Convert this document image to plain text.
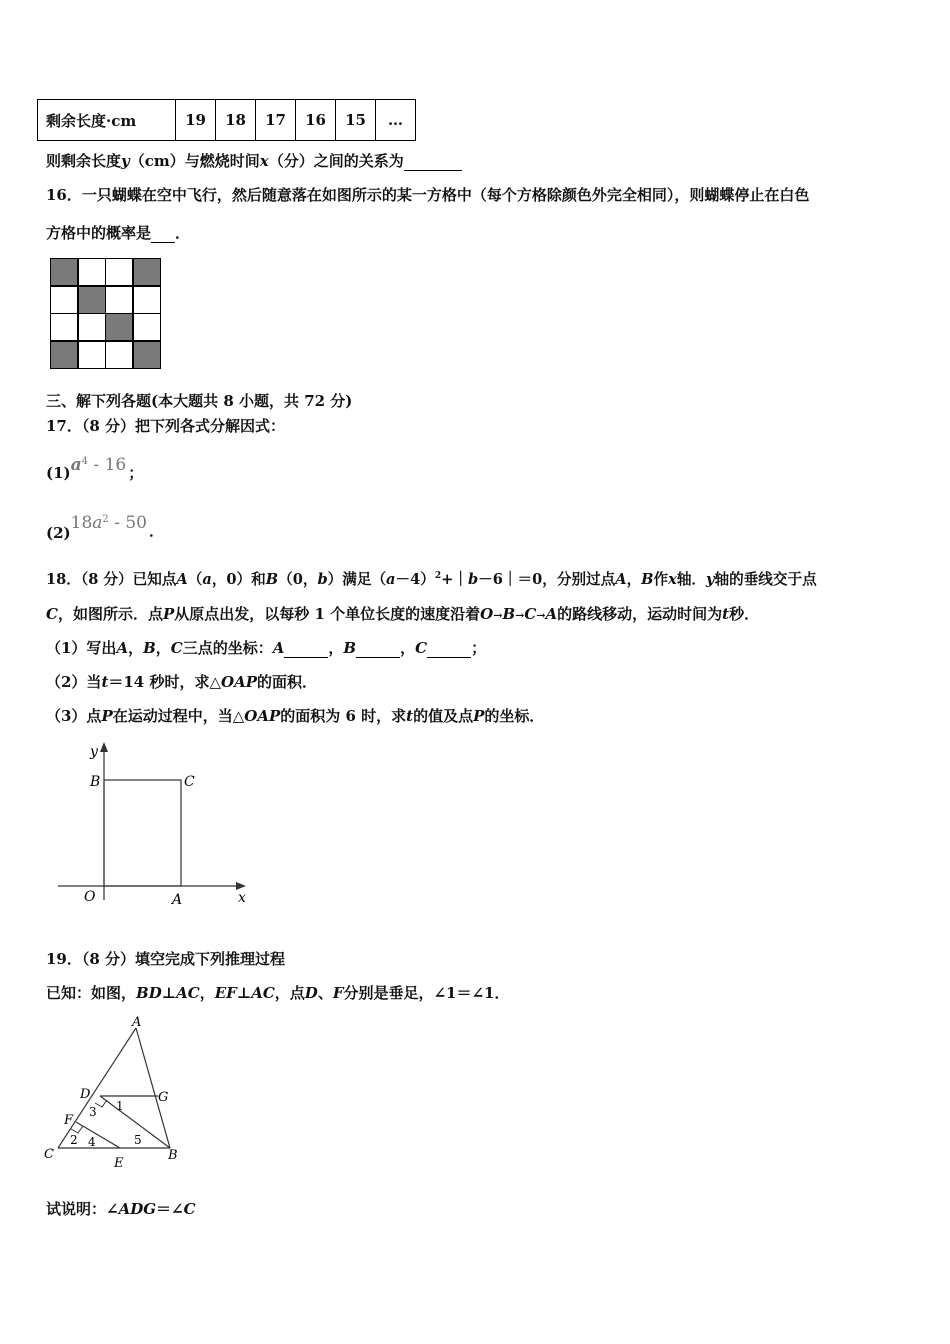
剩余长度·cm	19	18	17	16	15	…
则剩余长度y（cm）与燃烧时间x（分）之间的关系为
16．一只蝴蝶在空中飞行，然后随意落在如图所示的某一方格中（每个方格除颜色外完全相同），则蝴蝶停止在白色
方格中的概率是 ．
三、解下列各题(本大题共 8 小题，共 72 分)
17．（8 分）把下列各式分解因式：
$(1)a^4 - 16$ ；
$(2)18a^2 - 50$ ．
18．（8 分）已知点A（a，0）和B（0，b）满足$(a-4)^2+|b-6|=0$，分别过点A，B作x轴．y轴的垂线交于点
C，如图所示．点P从原点出发，以每秒 1 个单位长度的速度沿着O→B→C→A的路线移动，运动时间为t秒．
（1）写出A，B，C三点的坐标：A	，B	，C	；
（2）当t＝14 秒时，求△OAP的面积．
（3）点P在运动过程中，当△OAP的面积为 6 时，求t的值及点P的坐标．
y
B	C
O	A	x
19．（8 分）填空完成下列推理过程
已知：如图，BD⊥AC，EF⊥AC，点D、F分别是垂足，∠1＝∠1．
A
D	G
F
C
E
B
1
2
3
4	5
试说明：∠ADG＝∠C
